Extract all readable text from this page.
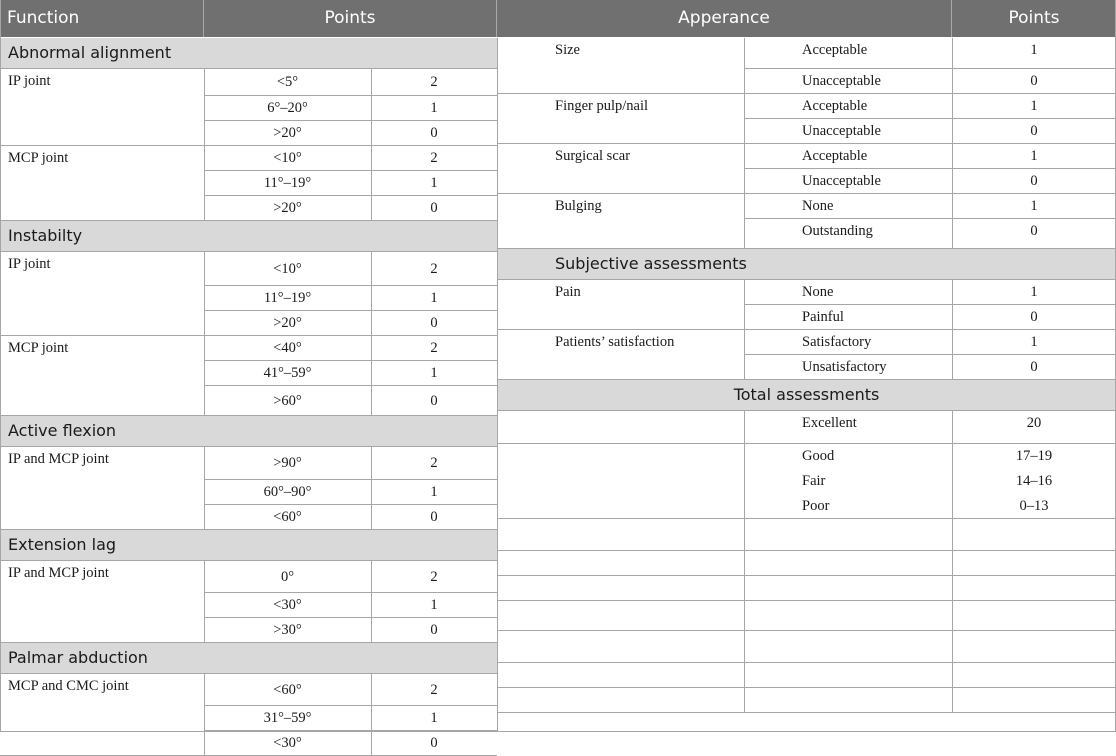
Function	Points	Apperance	Points
Abnormal alignment
IP joint	<5°	2
6°–20°	1
>20°	0
MCP joint	<10°	2
11°–19°	1
>20°	0
Instabilty
IP joint	<10°	2
11°–19°	1
>20°	0
MCP joint	<40°	2
41°–59°	1
>60°	0
Active flexion
IP and MCP joint	>90°	2
60°–90°	1
<60°	0
Extension lag
IP and MCP joint	0°	2
<30°	1
>30°	0
Palmar abduction
MCP and CMC joint	<60°	2
31°–59°	1
<30°	0
Size	Acceptable	1
Unacceptable	0
Finger pulp/nail	Acceptable	1
Unacceptable	0
Surgical scar	Acceptable	1
Unacceptable	0
Bulging	None	1
Outstanding	0
Subjective assessments
Pain	None	1
Painful	0
Patients’ satisfaction	Satisfactory	1
Unsatisfactory	0
Total assessments
Excellent	20
Good	17–19
Fair	14–16
Poor	0–13
